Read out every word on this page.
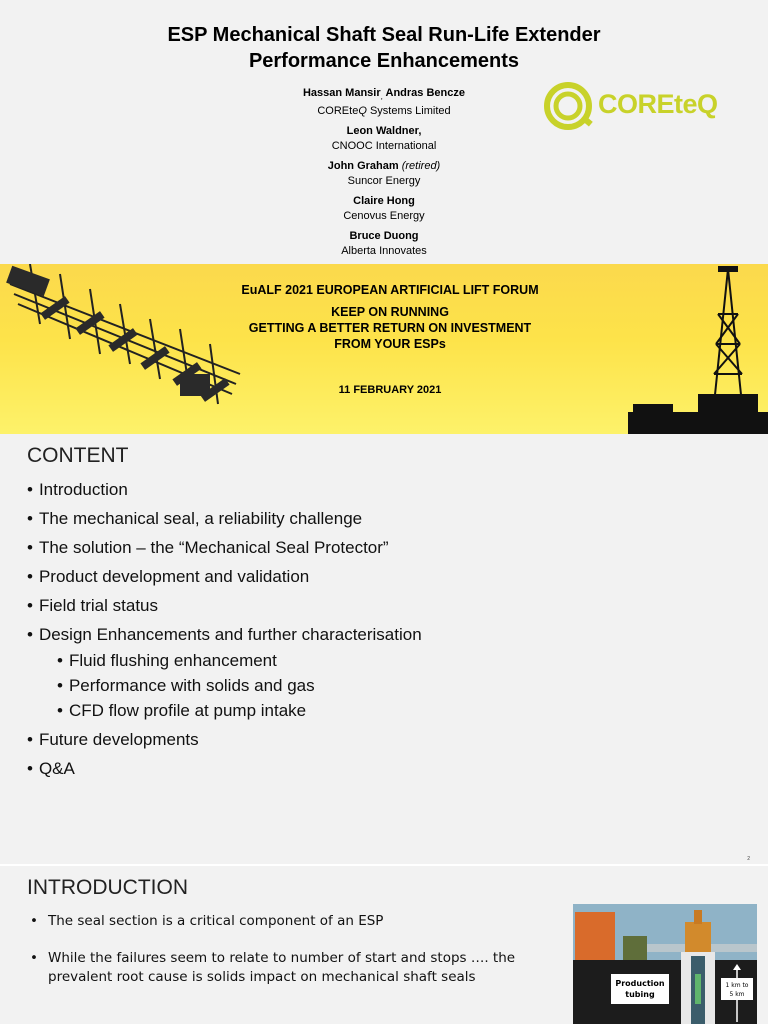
ESP Mechanical Shaft Seal Run-Life Extender
Performance Enhancements
Hassan Mansir$_,$ Andras Bencze
COREteQ Systems Limited
Leon Waldner,
CNOOC International
John Graham (retired)
Suncor Energy
Claire Hong
Cenovus Energy
Bruce Duong
Alberta Innovates
COREteQ
EuALF 2021 EUROPEAN ARTIFICIAL LIFT FORUM
KEEP ON RUNNING
GETTING A BETTER RETURN ON INVESTMENT
FROM YOUR ESPs
11 FEBRUARY 2021
CONTENT
• Introduction
• The mechanical seal, a reliability challenge
• The solution – the “Mechanical Seal Protector”
• Product development and validation
• Field trial status
• Design Enhancements and further characterisation
• Fluid flushing enhancement
• Performance with solids and gas
• CFD flow profile at pump intake
• Future developments
• Q&A
2
INTRODUCTION
• The seal section is a critical component of an ESP
• While the failures seem to relate to number of start and stops …. the prevalent root cause is solids impact on mechanical shaft seals	Production
tubing
1 km to
5 km
